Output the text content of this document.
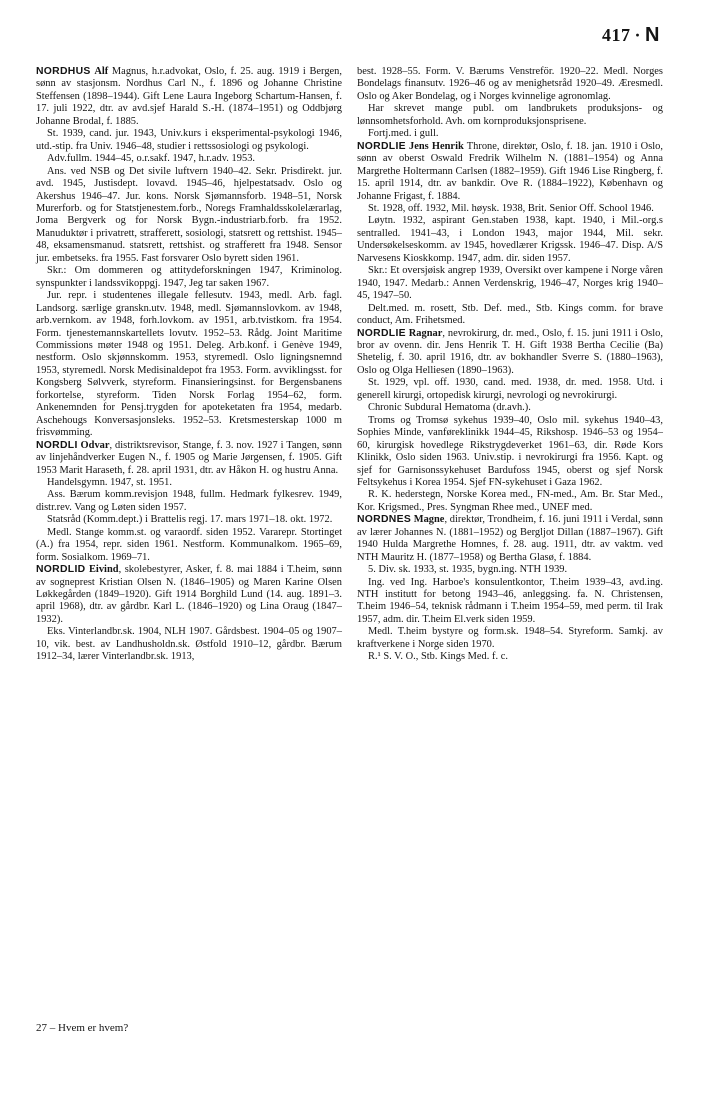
417 · N

NORDHUS Alf Magnus, h.r.advokat, Oslo, f. 25. aug. 1919 i Bergen, sønn av stasjonsm. Nordhus Carl N., f. 1896 og Johanne Christine Steffensen (1898–1944). Gift Lene Laura Ingeborg Schartum-Hansen, f. 17. juli 1922, dtr. av avd.sjef Harald S.-H. (1874–1951) og Oddbjørg Johanne Brodal, f. 1885.

St. 1939, cand. jur. 1943, Univ.kurs i eksperimental-psykologi 1946, utd.-stip. fra Univ. 1946–48, studier i rettssosiologi og psykologi.

Adv.fullm. 1944–45, o.r.sakf. 1947, h.r.adv. 1953.

Ans. ved NSB og Det sivile luftvern 1940–42. Sekr. Prisdirekt. jur. avd. 1945, Justisdept. lovavd. 1945–46, hjelpestatsadv. Oslo og Akershus 1946–47. Jur. kons. Norsk Sjømannsforb. 1948–51, Norsk Murerforb. og for Statstjenestem.forb., Noregs Framhaldsskolelærarlag, Joma Bergverk og for Norsk Bygn.-industriarb.forb. fra 1952. Manuduktør i privatrett, strafferett, sosiologi, statsrett og rettshist. 1945–48, eksamensmanud. statsrett, rettshist. og strafferett fra 1948. Sensor jur. embetseks. fra 1955. Fast forsvarer Oslo byrett siden 1961.

Skr.: Om dommeren og attitydeforskningen 1947, Kriminolog. synspunkter i landssvikoppgj. 1947, Jeg tar saken 1967.

Jur. repr. i studentenes illegale fellesutv. 1943, medl. Arb. fagl. Landsorg. særlige granskn.utv. 1948, medl. Sjømannslovkom. av 1948, arb.vernkom. av 1948, forh.lovkom. av 1951, arb.tvistkom. fra 1954. Form. tjenestemannskartellets lovutv. 1952–53. Rådg. Joint Maritime Commissions møter 1948 og 1951. Deleg. Arb.konf. i Genève 1949, nestform. Oslo skjønnskomm. 1953, styremedl. Oslo ligningsnemnd 1953, styremedl. Norsk Medisinaldepot fra 1953. Form. avviklingsst. for Kongsberg Sølvverk, styreform. Finansieringsinst. for Bergensbanens forkortelse, styreform. Tiden Norsk Forlag 1954–62, form. Ankenemnden for Pensj.trygden for apoteketaten fra 1954, medarb. Aschehougs Konversasjonsleks. 1952–53. Kretsmesterskap 1000 m frisvømming.

NORDLI Odvar, distriktsrevisor, Stange, f. 3. nov. 1927 i Tangen, sønn av linjehåndverker Eugen N., f. 1905 og Marie Jørgensen, f. 1905. Gift 1953 Marit Haraseth, f. 28. april 1931, dtr. av Håkon H. og hustru Anna.

Handelsgymn. 1947, st. 1951.

Ass. Bærum komm.revisjon 1948, fullm. Hedmark fylkesrev. 1949, distr.rev. Vang og Løten siden 1957.

Statsråd (Komm.dept.) i Brattelis regj. 17. mars 1971–18. okt. 1972.

Medl. Stange komm.st. og varaordf. siden 1952. Vararepr. Stortinget (A.) fra 1954, repr. siden 1961. Nestform. Kommunalkom. 1965–69, form. Sosialkom. 1969–71.

NORDLID Eivind, skolebestyrer, Asker, f. 8. mai 1884 i T.heim, sønn av sogneprest Kristian Olsen N. (1846–1905) og Maren Karine Olsen Løkkegården (1849–1920). Gift 1914 Borghild Lund (14. aug. 1891–3. april 1968), dtr. av gårdbr. Karl L. (1846–1920) og Lina Oraug (1847–1932).

Eks. Vinterlandbr.sk. 1904, NLH 1907. Gårdsbest. 1904–05 og 1907–10, vik. best. av Landhusholdn.sk. Østfold 1910–12, gårdbr. Bærum 1912–34, lærer Vinterlandbr.sk. 1913,

best. 1928–55. Form. V. Bærums Venstreför. 1920–22. Medl. Norges Bondelags finansutv. 1926–46 og av menighetsråd 1920–49. Æresmedl. Oslo og Aker Bondelag, og i Norges kvinnelige agronomlag.

Har skrevet mange publ. om landbrukets produksjons- og lønnsomhetsforhold. Avh. om kornproduksjonsprisene.

Fortj.med. i gull.

NORDLIE Jens Henrik Throne, direktør, Oslo, f. 18. jan. 1910 i Oslo, sønn av oberst Oswald Fredrik Wilhelm N. (1881–1954) og Anna Margrethe Holtermann Carlsen (1882–1959). Gift 1946 Lise Ringberg, f. 15. april 1914, dtr. av bankdir. Ove R. (1884–1922), København og Johanne Frigast, f. 1884.

St. 1928, off. 1932, Mil. høysk. 1938, Brit. Senior Off. School 1946.

Løytn. 1932, aspirant Gen.staben 1938, kapt. 1940, i Mil.-org.s sentralled. 1941–43, i London 1943, major 1944, Mil. sekr. Undersøkelseskomm. av 1945, hovedlærer Krigssk. 1946–47. Disp. A/S Narvesens Kioskkomp. 1947, adm. dir. siden 1957.

Skr.: Et oversjøisk angrep 1939, Oversikt over kampene i Norge våren 1940, 1947. Medarb.: Annen Verdenskrig, 1946–47, Norges krig 1940–45, 1947–50.

Delt.med. m. rosett, Stb. Def. med., Stb. Kings comm. for brave conduct, Am. Frihetsmed.

NORDLIE Ragnar, nevrokirurg, dr. med., Oslo, f. 15. juni 1911 i Oslo, bror av ovenn. dir. Jens Henrik T. H. Gift 1938 Bertha Cecilie (Ba) Shetelig, f. 30. april 1916, dtr. av bokhandler Sverre S. (1880–1963), Oslo og Olga Helliesen (1890–1963).

St. 1929, vpl. off. 1930, cand. med. 1938, dr. med. 1958. Utd. i generell kirurgi, ortopedisk kirurgi, nevrologi og nevrokirurgi.

Chronic Subdural Hematoma (dr.avh.).

Troms og Tromsø sykehus 1939–40, Oslo mil. sykehus 1940–43, Sophies Minde, vanføreklinikk 1944–45, Rikshosp. 1946–53 og 1954–60, kirurgisk hovedlege Rikstrygdeverket 1961–63, dir. Røde Kors Klinikk, Oslo siden 1963. Univ.stip. i nevrokirurgi fra 1956. Kapt. og sjef for Garnisonssykehuset Bardufoss 1945, oberst og sjef Norsk Feltsykehus i Korea 1954. Sjef FN-sykehuset i Gaza 1962.

R. K. hederstegn, Norske Korea med., FN-med., Am. Br. Star Med., Kor. Krigsmed., Pres. Syngman Rhee med., UNEF med.

NORDNES Magne, direktør, Trondheim, f. 16. juni 1911 i Verdal, sønn av lærer Johannes N. (1881–1952) og Bergljot Dillan (1887–1967). Gift 1940 Hulda Margrethe Homnes, f. 28. aug. 1911, dtr. av vaktm. ved NTH Mauritz H. (1877–1958) og Bertha Glasø, f. 1884.

5. Div. sk. 1933, st. 1935, bygn.ing. NTH 1939.

Ing. ved Ing. Harboe's konsulentkontor, T.heim 1939–43, avd.ing. NTH institutt for betong 1943–46, anleggsing. fa. N. Christensen, T.heim 1946–54, teknisk rådmann i T.heim 1954–59, med perm. til Irak 1957, adm. dir. T.heim El.verk siden 1959.

Medl. T.heim bystyre og form.sk. 1948–54. Styreform. Samkj. av kraftverkene i Norge siden 1970.

R.¹ S. V. O., Stb. Kings Med. f. c.

27 – Hvem er hvem?
